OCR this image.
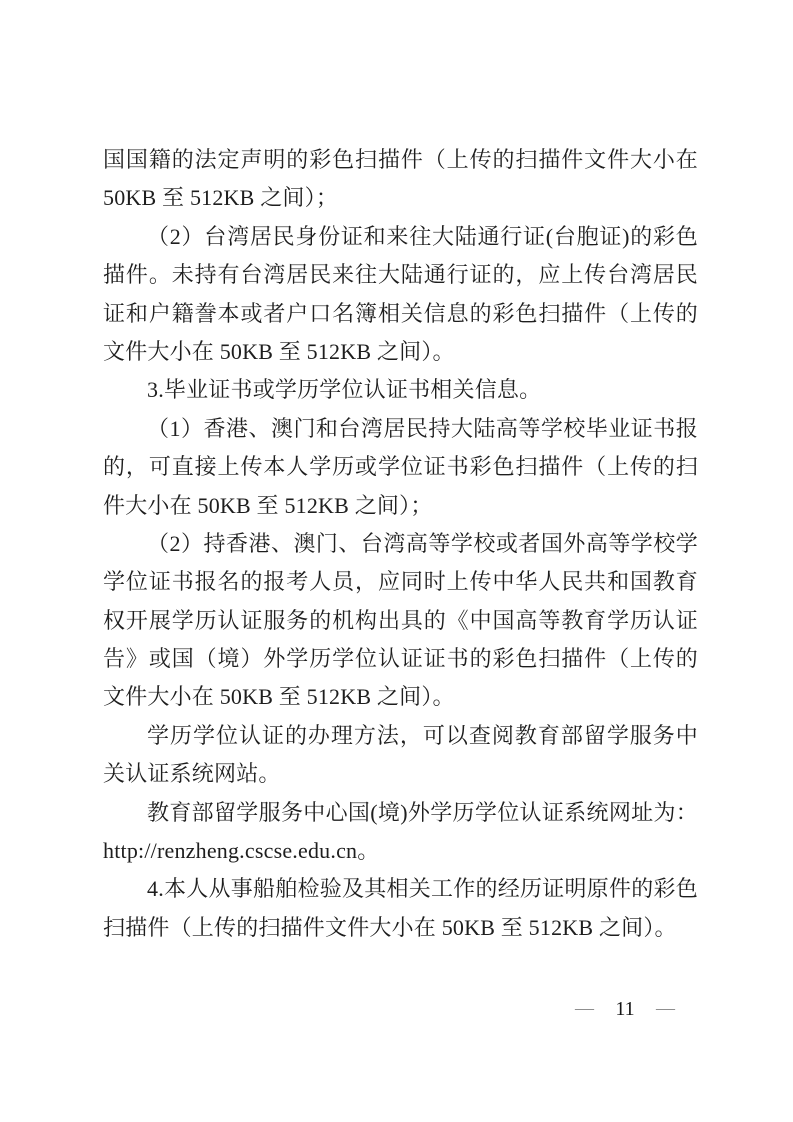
国国籍的法定声明的彩色扫描件（上传的扫描件文件大小在
50KB 至 512KB 之间）；
（2）台湾居民身份证和来往大陆通行证(台胞证)的彩色
描件。未持有台湾居民来往大陆通行证的，应上传台湾居民
证和户籍誊本或者户口名簿相关信息的彩色扫描件（上传的
文件大小在 50KB 至 512KB 之间）。
3.毕业证书或学历学位认证书相关信息。
（1）香港、澳门和台湾居民持大陆高等学校毕业证书报
的，可直接上传本人学历或学位证书彩色扫描件（上传的扫
件大小在 50KB 至 512KB 之间）；
（2）持香港、澳门、台湾高等学校或者国外高等学校学
学位证书报名的报考人员，应同时上传中华人民共和国教育
权开展学历认证服务的机构出具的《中国高等教育学历认证
告》或国（境）外学历学位认证证书的彩色扫描件（上传的
文件大小在 50KB 至 512KB 之间）。
学历学位认证的办理方法，可以查阅教育部留学服务中
关认证系统网站。
教育部留学服务中心国(境)外学历学位认证系统网址为：
http://renzheng.cscse.edu.cn。
4.本人从事船舶检验及其相关工作的经历证明原件的彩色
扫描件（上传的扫描件文件大小在 50KB 至 512KB 之间）。
— 11 —
